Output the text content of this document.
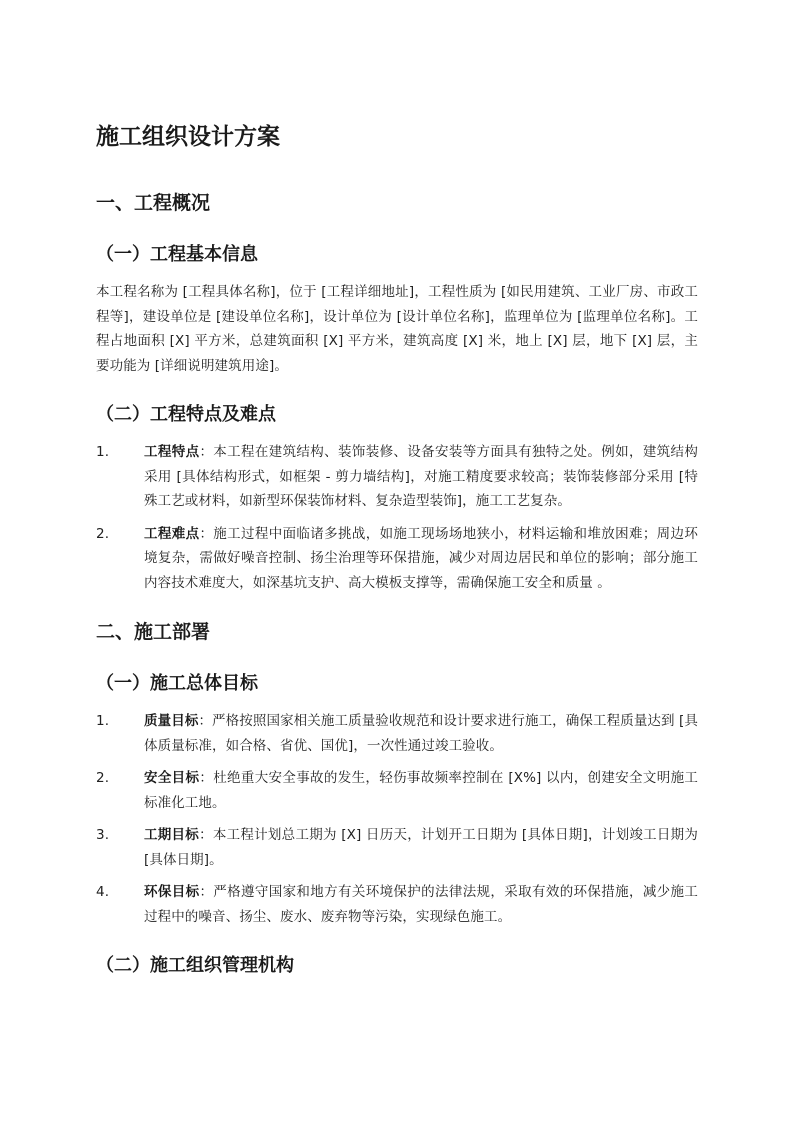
施工组织设计方案
一、工程概况
（一）工程基本信息

本工程名称为 [工程具体名称]，位于 [工程详细地址]，工程性质为 [如民用建筑、工业厂房、市政工程等]，建设单位是 [建设单位名称]，设计单位为 [设计单位名称]，监理单位为 [监理单位名称]。工程占地面积 [X] 平方米，总建筑面积 [X] 平方米，建筑高度 [X] 米，地上 [X] 层，地下 [X] 层，主要功能为 [详细说明建筑用途]。

（二）工程特点及难点
1.	工程特点：本工程在建筑结构、装饰装修、设备安装等方面具有独特之处。例如，建筑结构采用 [具体结构形式，如框架 - 剪力墙结构]，对施工精度要求较高；装饰装修部分采用 [特殊工艺或材料，如新型环保装饰材料、复杂造型装饰]，施工工艺复杂。
2.	工程难点：施工过程中面临诸多挑战，如施工现场场地狭小，材料运输和堆放困难；周边环境复杂，需做好噪音控制、扬尘治理等环保措施，减少对周边居民和单位的影响；部分施工内容技术难度大，如深基坑支护、高大模板支撑等，需确保施工安全和质量 。
二、施工部署
（一）施工总体目标
1.	质量目标：严格按照国家相关施工质量验收规范和设计要求进行施工，确保工程质量达到 [具体质量标准，如合格、省优、国优]，一次性通过竣工验收。
2.	安全目标：杜绝重大安全事故的发生，轻伤事故频率控制在 [X%] 以内，创建安全文明施工标准化工地。
3.	工期目标：本工程计划总工期为 [X] 日历天，计划开工日期为 [具体日期]，计划竣工日期为 [具体日期]。
4.	环保目标：严格遵守国家和地方有关环境保护的法律法规，采取有效的环保措施，减少施工过程中的噪音、扬尘、废水、废弃物等污染，实现绿色施工。
（二）施工组织管理机构
